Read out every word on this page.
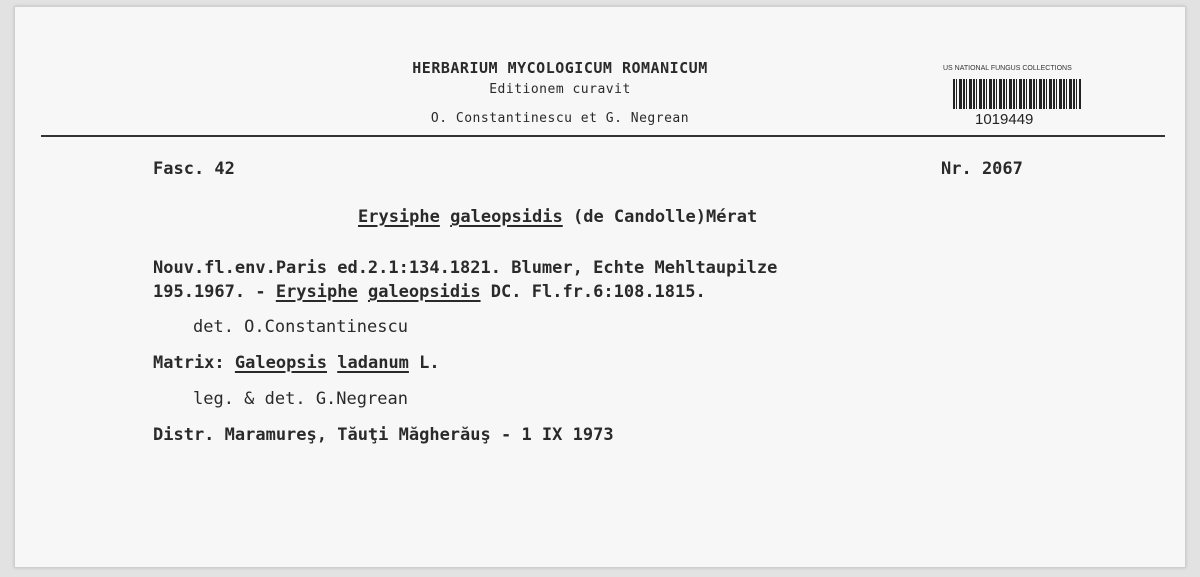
HERBARIUM MYCOLOGICUM ROMANICUM
Editionem curavit
O. Constantinescu et G. Negrean
US NATIONAL FUNGUS COLLECTIONS
1019449
Fasc. 42	Nr. 2067
Erysiphe galeopsidis (de Candolle)Mérat
Nouv.fl.env.Paris ed.2.1:134.1821. Blumer, Echte Mehltaupilze
195.1967. - Erysiphe galeopsidis DC. Fl.fr.6:108.1815.
det. O.Constantinescu
Matrix: Galeopsis ladanum L.
leg. & det. G.Negrean
Distr. Maramureş, Tăuţi Măgherăuş - 1 IX 1973
